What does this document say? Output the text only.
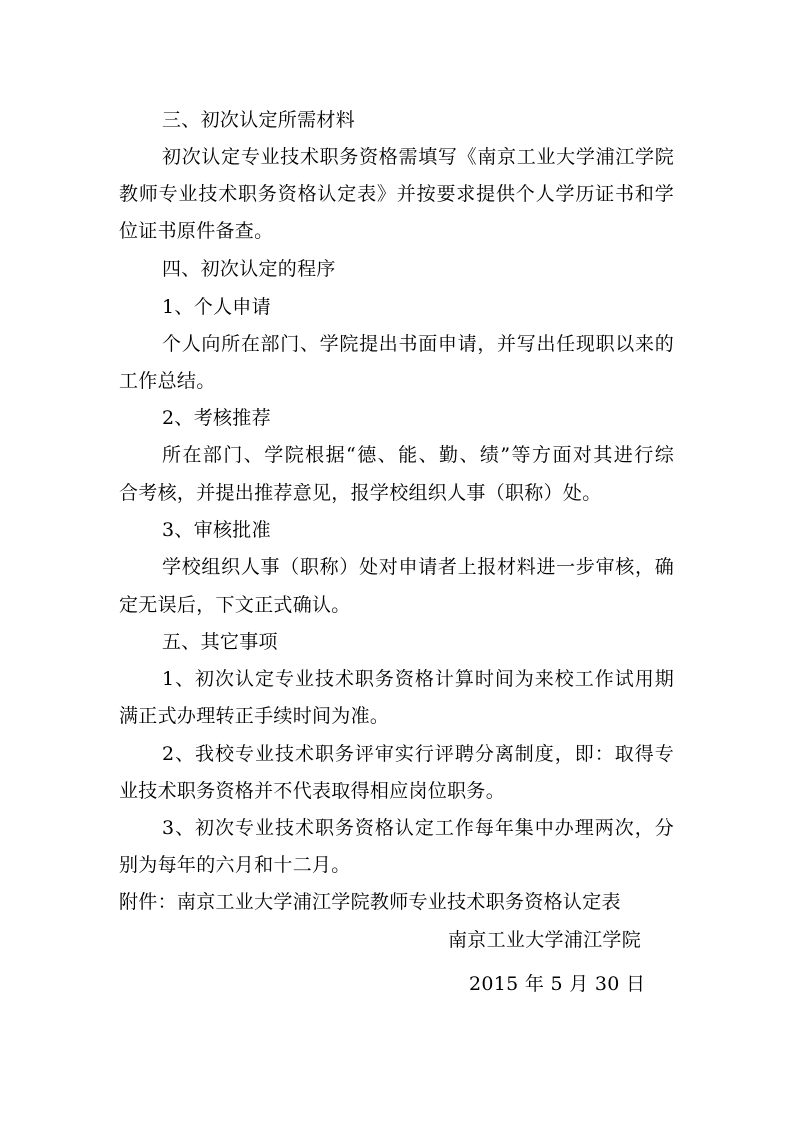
三、初次认定所需材料
初次认定专业技术职务资格需填写《南京工业大学浦江学院
教师专业技术职务资格认定表》并按要求提供个人学历证书和学
位证书原件备查。
四、初次认定的程序
1、个人申请
个人向所在部门、学院提出书面申请，并写出任现职以来的
工作总结。
2、考核推荐
所在部门、学院根据“德、能、勤、绩”等方面对其进行综
合考核，并提出推荐意见，报学校组织人事（职称）处。
3、审核批准
学校组织人事（职称）处对申请者上报材料进一步审核，确
定无误后，下文正式确认。
五、其它事项
1、初次认定专业技术职务资格计算时间为来校工作试用期
满正式办理转正手续时间为准。
2、我校专业技术职务评审实行评聘分离制度，即：取得专
业技术职务资格并不代表取得相应岗位职务。
3、初次专业技术职务资格认定工作每年集中办理两次，分
别为每年的六月和十二月。
附件：南京工业大学浦江学院教师专业技术职务资格认定表
南京工业大学浦江学院
2015 年 5 月 30 日
